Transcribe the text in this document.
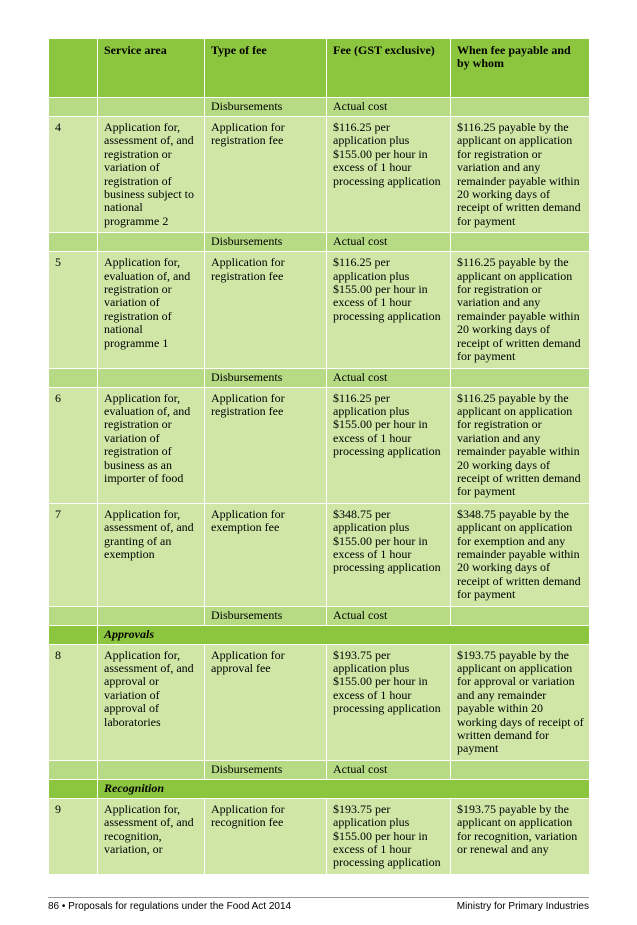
	Service area	Type of fee	Fee (GST exclusive)	When fee payable and by whom
		Disbursements	Actual cost	
4	Application for, assessment of, and registration or variation of registration of business subject to national programme 2	Application for registration fee	$116.25 per application plus $155.00 per hour in excess of 1 hour processing application	$116.25 payable by the applicant on application for registration or variation and any remainder payable within 20 working days of receipt of written demand for payment
		Disbursements	Actual cost	
5	Application for, evaluation of, and registration or variation of registration of national programme 1	Application for registration fee	$116.25 per application plus $155.00 per hour in excess of 1 hour processing application	$116.25 payable by the applicant on application for registration or variation and any remainder payable within 20 working days of receipt of written demand for payment
		Disbursements	Actual cost	
6	Application for, evaluation of, and registration or variation of registration of business as an importer of food	Application for registration fee	$116.25 per application plus $155.00 per hour in excess of 1 hour processing application	$116.25 payable by the applicant on application for registration or variation and any remainder payable within 20 working days of receipt of written demand for payment
7	Application for, assessment of, and granting of an exemption	Application for exemption fee	$348.75 per application plus $155.00 per hour in excess of 1 hour processing application	$348.75 payable by the applicant on application for exemption and any remainder payable within 20 working days of receipt of written demand for payment
		Disbursements	Actual cost	
	Approvals			
8	Application for, assessment of, and approval or variation of approval of laboratories	Application for approval fee	$193.75 per application plus $155.00 per hour in excess of 1 hour processing application	$193.75 payable by the applicant on application for approval or variation and any remainder payable within 20 working days of receipt of written demand for payment
		Disbursements	Actual cost	
	Recognition			
9	Application for, assessment of, and recognition, variation, or	Application for recognition fee	$193.75 per application plus $155.00 per hour in excess of 1 hour processing application	$193.75 payable by the applicant on application for recognition, variation or renewal and any
86 • Proposals for regulations under the Food Act 2014	Ministry for Primary Industries
